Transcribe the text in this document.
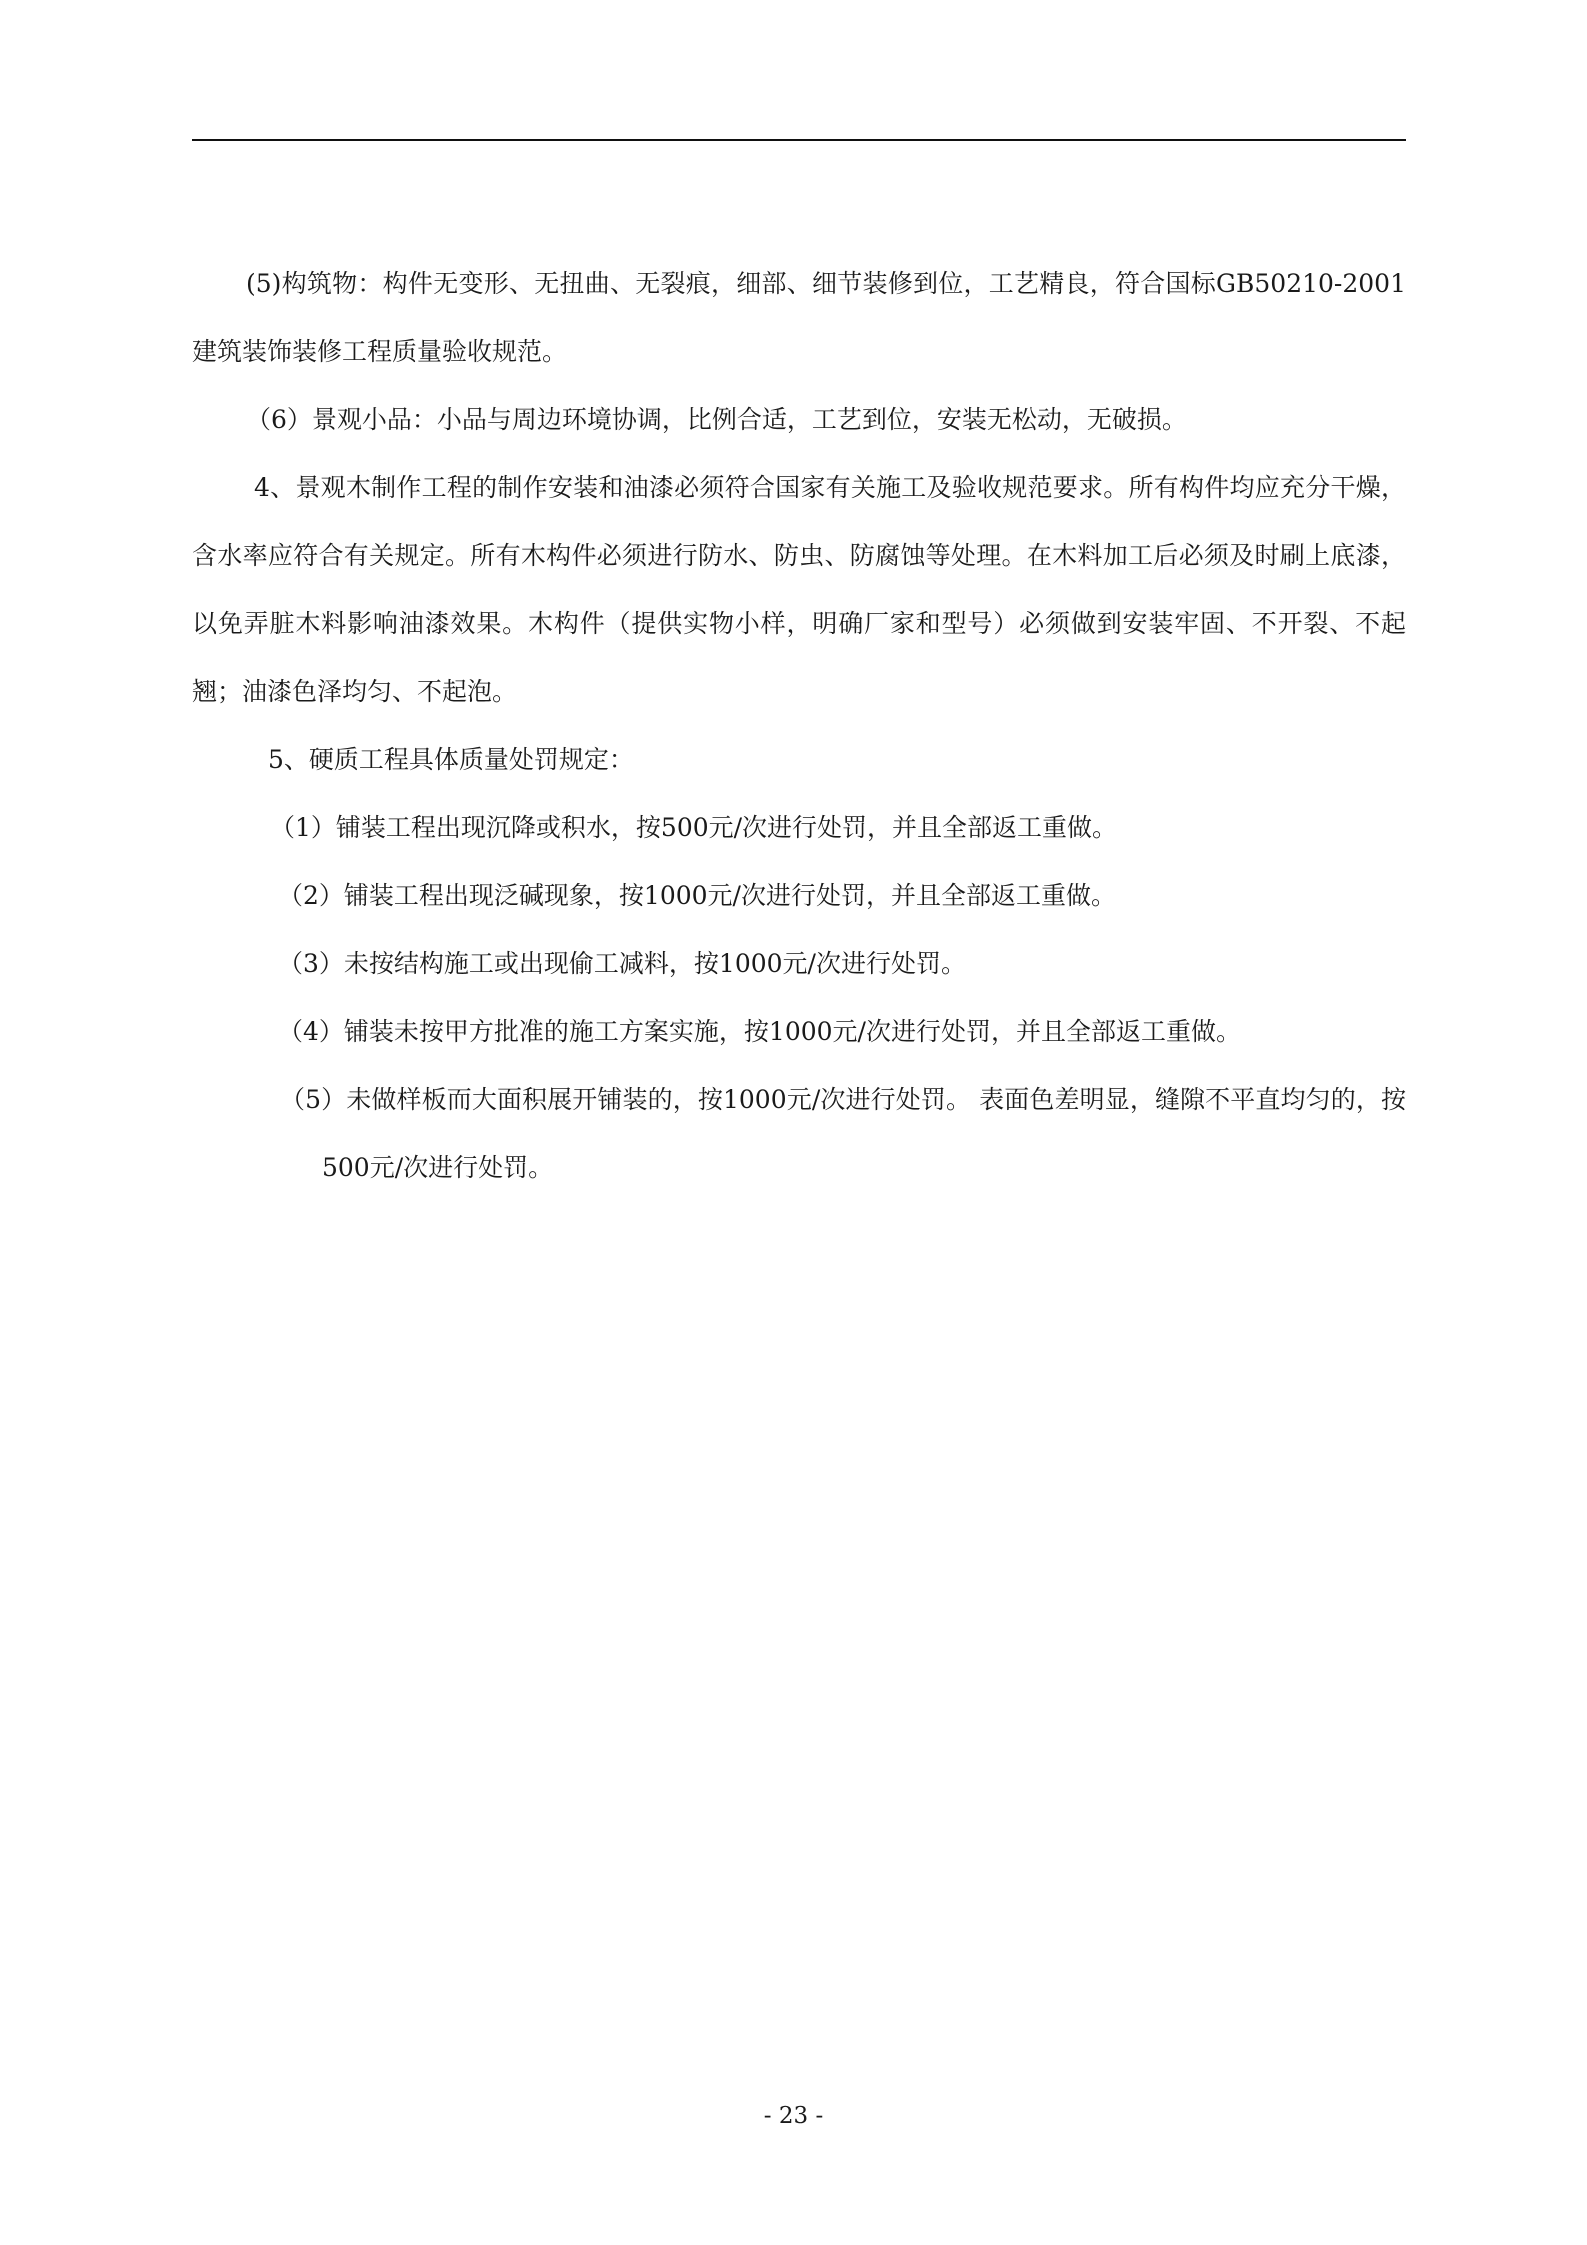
(5)构筑物：构件无变形、无扭曲、无裂痕，细部、细节装修到位，工艺精良，符合国标GB50210-2001建筑装饰装修工程质量验收规范。

（6）景观小品：小品与周边环境协调，比例合适，工艺到位，安装无松动，无破损。

4、景观木制作工程的制作安装和油漆必须符合国家有关施工及验收规范要求。所有构件均应充分干燥，含水率应符合有关规定。所有木构件必须进行防水、防虫、防腐蚀等处理。在木料加工后必须及时刷上底漆，以免弄脏木料影响油漆效果。木构件（提供实物小样，明确厂家和型号）必须做到安装牢固、不开裂、不起翘；油漆色泽均匀、不起泡。

5、硬质工程具体质量处罚规定：

（1）铺装工程出现沉降或积水，按500元/次进行处罚，并且全部返工重做。

（2）铺装工程出现泛碱现象，按1000元/次进行处罚，并且全部返工重做。

（3）未按结构施工或出现偷工减料，按1000元/次进行处罚。

（4）铺装未按甲方批准的施工方案实施，按1000元/次进行处罚，并且全部返工重做。

（5）未做样板而大面积展开铺装的，按1000元/次进行处罚。 表面色差明显，缝隙不平直均匀的，按500元/次进行处罚。

- 23 -
